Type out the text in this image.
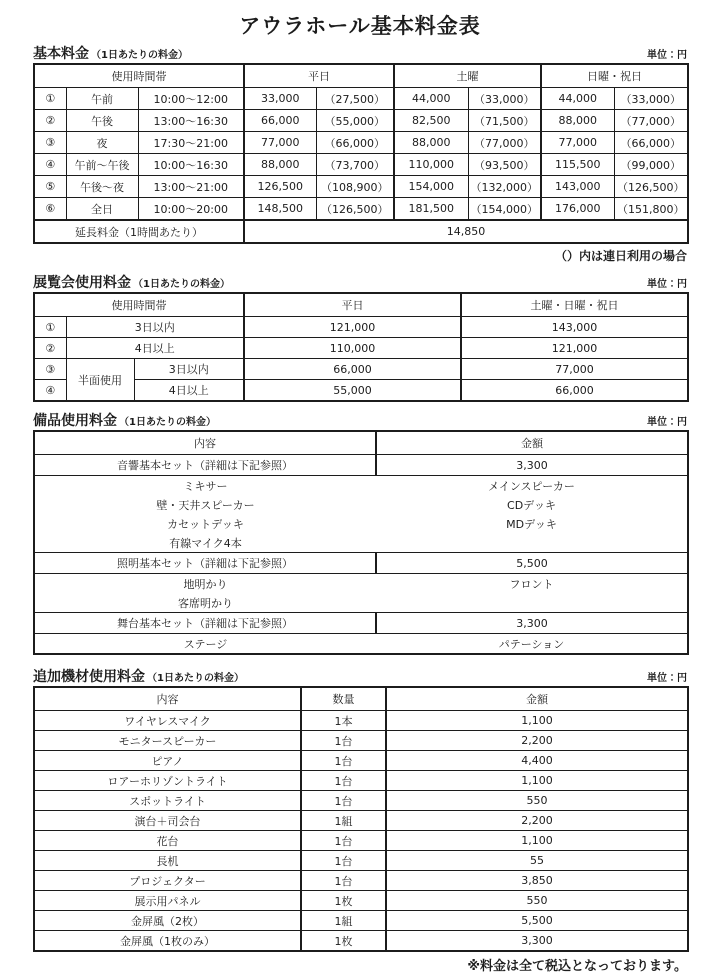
アウラホール基本料金表
基本料金 （1日あたりの料金）	単位：円
使用時間帯			平日		土曜		日曜・祝日	
①	午前	10:00～12:00	33,000	（27,500）	44,000	（33,000）	44,000	（33,000）
②	午後	13:00～16:30	66,000	（55,000）	82,500	（71,500）	88,000	（77,000）
③	夜	17:30～21:00	77,000	（66,000）	88,000	（77,000）	77,000	（66,000）
④	午前～午後	10:00～16:30	88,000	（73,700）	110,000	（93,500）	115,500	（99,000）
⑤	午後～夜	13:00～21:00	126,500	（108,900）	154,000	（132,000）	143,000	（126,500）
⑥	全日	10:00～20:00	148,500	（126,500）	181,500	（154,000）	176,000	（151,800）
延長料金（1時間あたり）			14,850					
（）内は連日利用の場合
展覧会使用料金 （1日あたりの料金）	単位：円
使用時間帯			平日	土曜・日曜・祝日
①	3日以内		121,000	143,000
②	4日以上		110,000	121,000
③	半面使用	3日以内	66,000	77,000
④		4日以上	55,000	66,000
備品使用料金 （1日あたりの料金）	単位：円
内容	金額
音響基本セット（詳細は下記参照）	3,300
ミキサー	メインスピーカー
壁・天井スピーカー	CDデッキ
カセットデッキ	MDデッキ
有線マイク4本	
照明基本セット（詳細は下記参照）	5,500
地明かり	フロント
客席明かり	
舞台基本セット（詳細は下記参照）	3,300
ステージ	パテーション
追加機材使用料金 （1日あたりの料金）	単位：円
内容	数量	金額
ワイヤレスマイク	1本	1,100
モニタースピーカー	1台	2,200
ピアノ	1台	4,400
ロアーホリゾントライト	1台	1,100
スポットライト	1台	550
演台＋司会台	1組	2,200
花台	1台	1,100
長机	1台	55
プロジェクター	1台	3,850
展示用パネル	1枚	550
金屏風（2枚）	1組	5,500
金屏風（1枚のみ）	1枚	3,300
※料金は全て税込となっております。
